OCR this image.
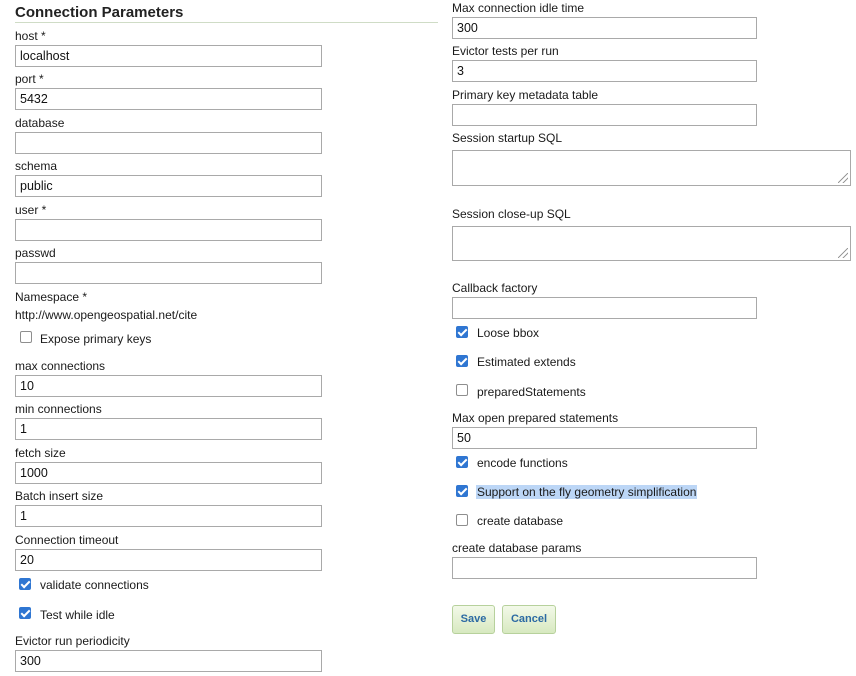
Connection Parameters
host *
localhost
port *
5432
database
schema
public
user *
passwd
Namespace *
http://www.opengeospatial.net/cite
Expose primary keys
max connections
10
min connections
1
fetch size
1000
Batch insert size
1
Connection timeout
20
validate connections
Test while idle
Evictor run periodicity
300
Max connection idle time
300
Evictor tests per run
3
Primary key metadata table
Session startup SQL
Session close-up SQL
Callback factory
Loose bbox
Estimated extends
preparedStatements
Max open prepared statements
50
encode functions
Support on the fly geometry simplification
create database
create database params
Save	Cancel
